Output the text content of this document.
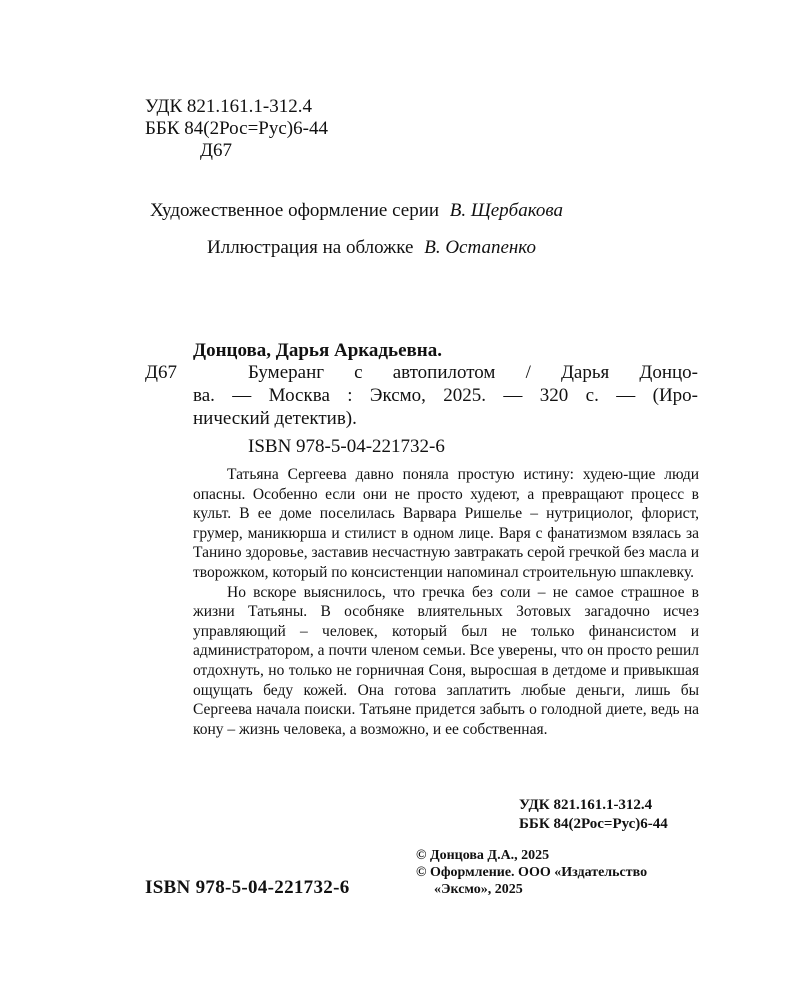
УДК 821.161.1-312.4
ББК 84(2Рос=Рус)6-44
Д67
Художественное оформление серии В. Щербакова
Иллюстрация на обложке В. Остапенко
Донцова, Дарья Аркадьевна.
Д67	Бумеранг с автопилотом / Дарья Донцо-
ва. — Москва : Эксмо, 2025. — 320 с. — (Иро-
нический детектив).
ISBN 978-5-04-221732-6

Татьяна Сергеева давно поняла простую истину: худею-щие люди опасны. Особенно если они не просто худеют, а превращают процесс в культ. В ее доме поселилась Варвара Ришелье – нутрициолог, флорист, грумер, маникюрша и стилист в одном лице. Варя с фанатизмом взялась за Танино здоровье, заставив несчастную завтракать серой гречкой без масла и творожком, который по консистенции напоминал строительную шпаклевку.

Но вскоре выяснилось, что гречка без соли – не самое страшное в жизни Татьяны. В особняке влиятельных Зотовых загадочно исчез управляющий – человек, который был не только финансистом и администратором, а почти членом семьи. Все уверены, что он просто решил отдохнуть, но только не горничная Соня, выросшая в детдоме и привыкшая ощущать беду кожей. Она готова заплатить любые деньги, лишь бы Сергеева начала поиски. Татьяне придется забыть о голодной диете, ведь на кону – жизнь человека, а возможно, и ее собственная.

УДК 821.161.1-312.4
ББК 84(2Рос=Рус)6-44
ISBN 978-5-04-221732-6
© Донцова Д.А., 2025
© Оформление. ООО «Издательство
«Эксмо», 2025
